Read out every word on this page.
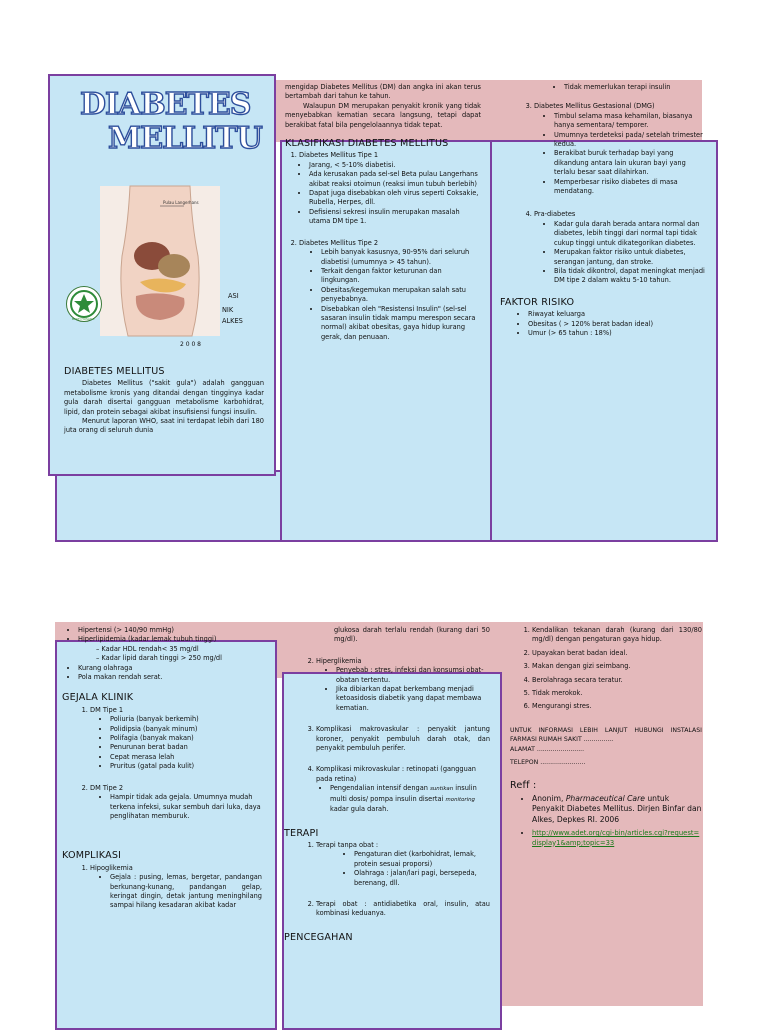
mengidap Diabetes Mellitus (DM) dan angka ini akan terus bertambah dari tahun ke tahun.

Walaupun DM merupakan penyakit kronik yang tidak menyebabkan kematian secara langsung, tetapi dapat berakibat fatal bila pengelolaannya tidak tepat.

KLASIFIKASI DIABETES MELLITUS
1. Diabetes Mellitus Tipe 1
• Jarang, < 5-10% diabetisi.
• Ada kerusakan pada sel-sel Beta pulau Langerhans akibat reaksi otoimun (reaksi imun tubuh berlebih)
• Dapat juga disebabkan oleh virus seperti Coksakie, Rubella, Herpes, dll.
• Defisiensi sekresi insulin merupakan masalah utama DM tipe 1.
2. Diabetes Mellitus Tipe 2
• Lebih banyak kasusnya, 90-95% dari seluruh diabetisi (umumnya > 45 tahun).
• Terkait dengan faktor keturunan dan lingkungan.
• Obesitas/kegemukan merupakan salah satu penyebabnya.
• Disebabkan oleh "Resistensi Insulin" (sel-sel sasaran insulin tidak mampu merespon secara normal) akibat obesitas, gaya hidup kurang gerak, dan penuaan.
• Tidak memerlukan terapi insulin
3. Diabetes Mellitus Gestasional (DMG)
• Timbul selama masa kehamilan, biasanya hanya sementara/ temporer.
• Umumnya terdeteksi pada/ setelah trimester kedua.
• Berakibat buruk terhadap bayi yang dikandung antara lain ukuran bayi yang terlalu besar saat dilahirkan.
• Memperbesar risiko diabetes di masa mendatang.
4. Pra-diabetes
• Kadar gula darah berada antara normal dan diabetes, lebih tinggi dari normal tapi tidak cukup tinggi untuk dikategorikan diabetes.
• Merupakan faktor risiko untuk diabetes, serangan jantung, dan stroke.
• Bila tidak dikontrol, dapat meningkat menjadi DM tipe 2 dalam waktu 5-10 tahun.
FAKTOR RISIKO
• Riwayat keluarga
• Obesitas ( > 120% berat badan ideal)
• Umur (> 65 tahun : 18%)
DIABETES
MELLITU
Pulau Langerhans
BAKTI HUSADA
ASI
NIK
ALKES
2 0 0 8
DIABETES MELLITUS

Diabetes Mellitus ("sakit gula") adalah gangguan metabolisme kronis yang ditandai dengan tingginya kadar gula darah disertai gangguan metabolisme karbohidrat, lipid, dan protein sebagai akibat insufisiensi fungsi insulin.

Menurut laporan WHO, saat ini terdapat lebih dari 180 juta orang di seluruh dunia

• Hipertensi (> 140/90 mmHg)
• Hiperlipidemia (kadar lemak tubuh tinggi)
– Kadar HDL rendah< 35 mg/dl
– Kadar lipid darah tinggi > 250 mg/dl
• Kurang olahraga
• Pola makan rendah serat.
GEJALA KLINIK
1. DM Tipe 1
• Poliuria (banyak berkemih)
• Polidipsia (banyak minum)
• Polifagia (banyak makan)
• Penurunan berat badan
• Cepat merasa lelah
• Pruritus (gatal pada kulit)
2. DM Tipe 2
• Hampir tidak ada gejala. Umumnya mudah terkena infeksi, sukar sembuh dari luka, daya penglihatan memburuk.
KOMPLIKASI
1. Hipoglikemia
• Gejala : pusing, lemas, bergetar, pandangan berkunang-kunang, pandangan gelap, keringat dingin, detak jantung meninghilang sampai hilang kesadaran akibat kadar

glukosa darah terlalu rendah (kurang dari 50 mg/dl).

2. Hiperglikemia
• Penyebab : stres, infeksi dan konsumsi obat-obatan tertentu.
• Jika dibiarkan dapat berkembang menjadi ketoasidosis diabetik yang dapat membawa kematian.
3. Komplikasi makrovaskular : penyakit jantung koroner, penyakit pembuluh darah otak, dan penyakit pembuluh perifer.
4. Komplikasi mikrovaskular : retinopati (gangguan pada retina)
• Pengendalian intensif dengan suntikan insulin multi dosis/ pompa insulin disertai monitoring kadar gula darah.
TERAPI
1. Terapi tanpa obat :
• Pengaturan diet (karbohidrat, lemak, protein sesuai proporsi)
• Olahraga : jalan/lari pagi, bersepeda, berenang, dll.
2. Terapi obat : antidiabetika oral, insulin, atau kombinasi keduanya.
PENCEGAHAN
1. Kendalikan tekanan darah (kurang dari 130/80 mg/dl) dengan pengaturan gaya hidup.
2. Upayakan berat badan ideal.
3. Makan dengan gizi seimbang.
4. Berolahraga secara teratur.
5. Tidak merokok.
6. Mengurangi stres.

UNTUK INFORMASI LEBIH LANJUT HUBUNGI INSTALASI FARMASI RUMAH SAKIT ...............

ALAMAT ........................

TELEPON .......................

Reff :
• Anonim, Pharmaceutical Care untuk Penyakit Diabetes Mellitus. Dirjen Binfar dan Alkes, Depkes RI. 2006
• http://www.adet.org/cgi-bin/articles.cgi?request=display1&amp;topic=33
